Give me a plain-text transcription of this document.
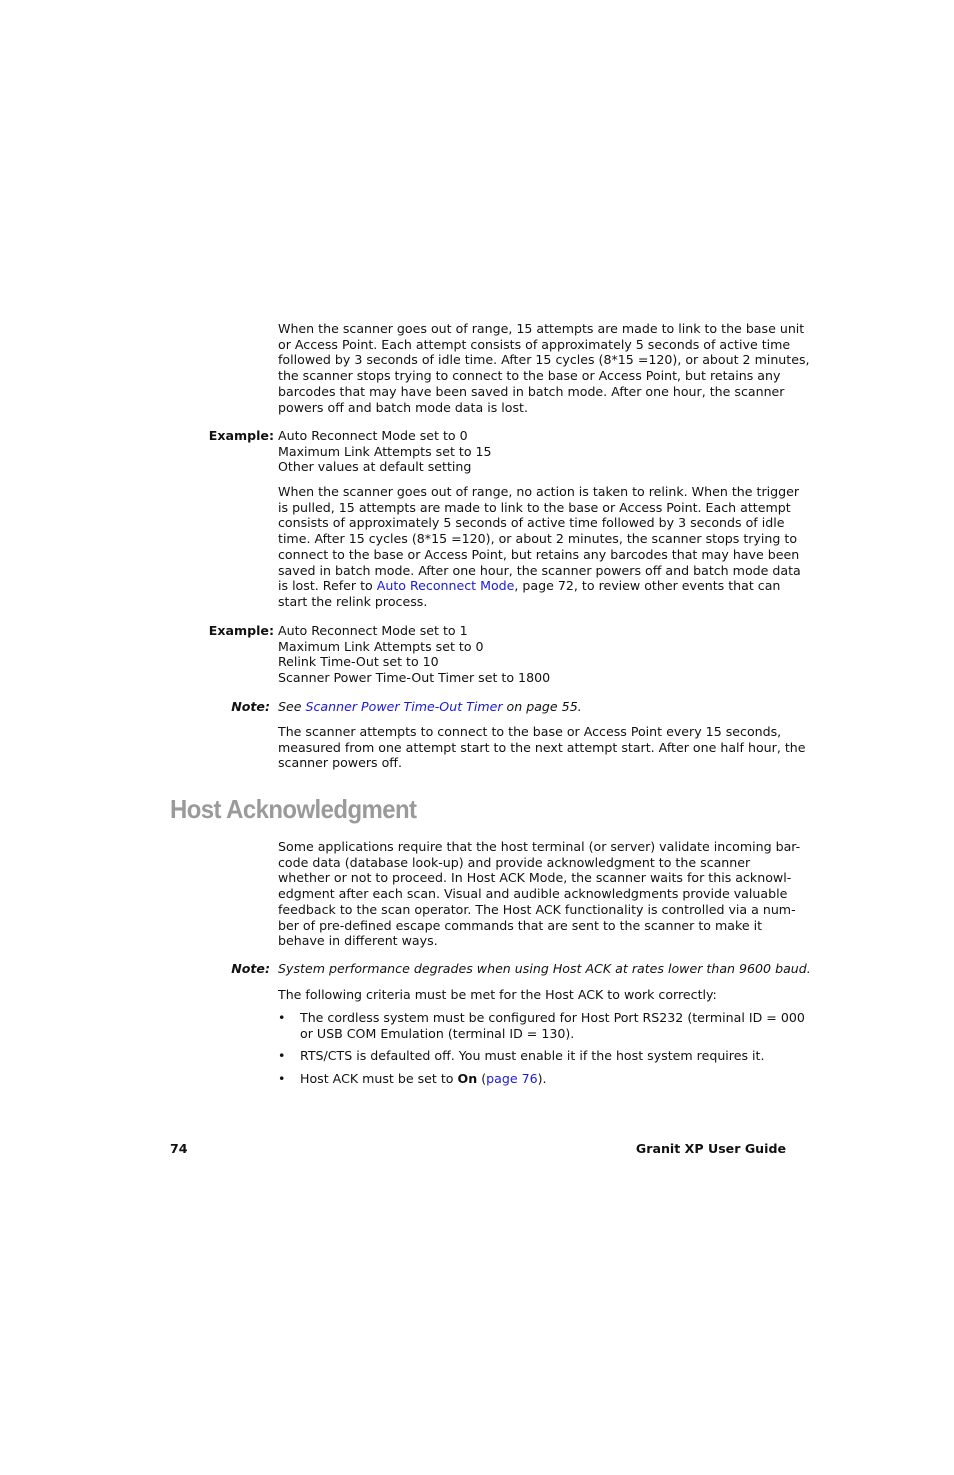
When the scanner goes out of range, 15 attempts are made to link to the base unit
or Access Point. Each attempt consists of approximately 5 seconds of active time
followed by 3 seconds of idle time. After 15 cycles (8*15 =120), or about 2 minutes,
the scanner stops trying to connect to the base or Access Point, but retains any
barcodes that may have been saved in batch mode. After one hour, the scanner
powers off and batch mode data is lost.
Example: Auto Reconnect Mode set to 0
Maximum Link Attempts set to 15
Other values at default setting
When the scanner goes out of range, no action is taken to relink. When the trigger
is pulled, 15 attempts are made to link to the base or Access Point. Each attempt
consists of approximately 5 seconds of active time followed by 3 seconds of idle
time. After 15 cycles (8*15 =120), or about 2 minutes, the scanner stops trying to
connect to the base or Access Point, but retains any barcodes that may have been
saved in batch mode. After one hour, the scanner powers off and batch mode data
is lost. Refer to Auto Reconnect Mode, page 72, to review other events that can
start the relink process.
Example: Auto Reconnect Mode set to 1
Maximum Link Attempts set to 0
Relink Time-Out set to 10
Scanner Power Time-Out Timer set to 1800
Note: See Scanner Power Time-Out Timer on page 55.
The scanner attempts to connect to the base or Access Point every 15 seconds,
measured from one attempt start to the next attempt start. After one half hour, the
scanner powers off.
Host Acknowledgment
Some applications require that the host terminal (or server) validate incoming bar-
code data (database look-up) and provide acknowledgment to the scanner
whether or not to proceed. In Host ACK Mode, the scanner waits for this acknowl-
edgment after each scan. Visual and audible acknowledgments provide valuable
feedback to the scan operator. The Host ACK functionality is controlled via a num-
ber of pre-defined escape commands that are sent to the scanner to make it
behave in different ways.
Note: System performance degrades when using Host ACK at rates lower than 9600 baud.
The following criteria must be met for the Host ACK to work correctly:
• The cordless system must be configured for Host Port RS232 (terminal ID = 000
or USB COM Emulation (terminal ID = 130).
• RTS/CTS is defaulted off. You must enable it if the host system requires it.
• Host ACK must be set to On (page 76).
74	Granit XP User Guide
